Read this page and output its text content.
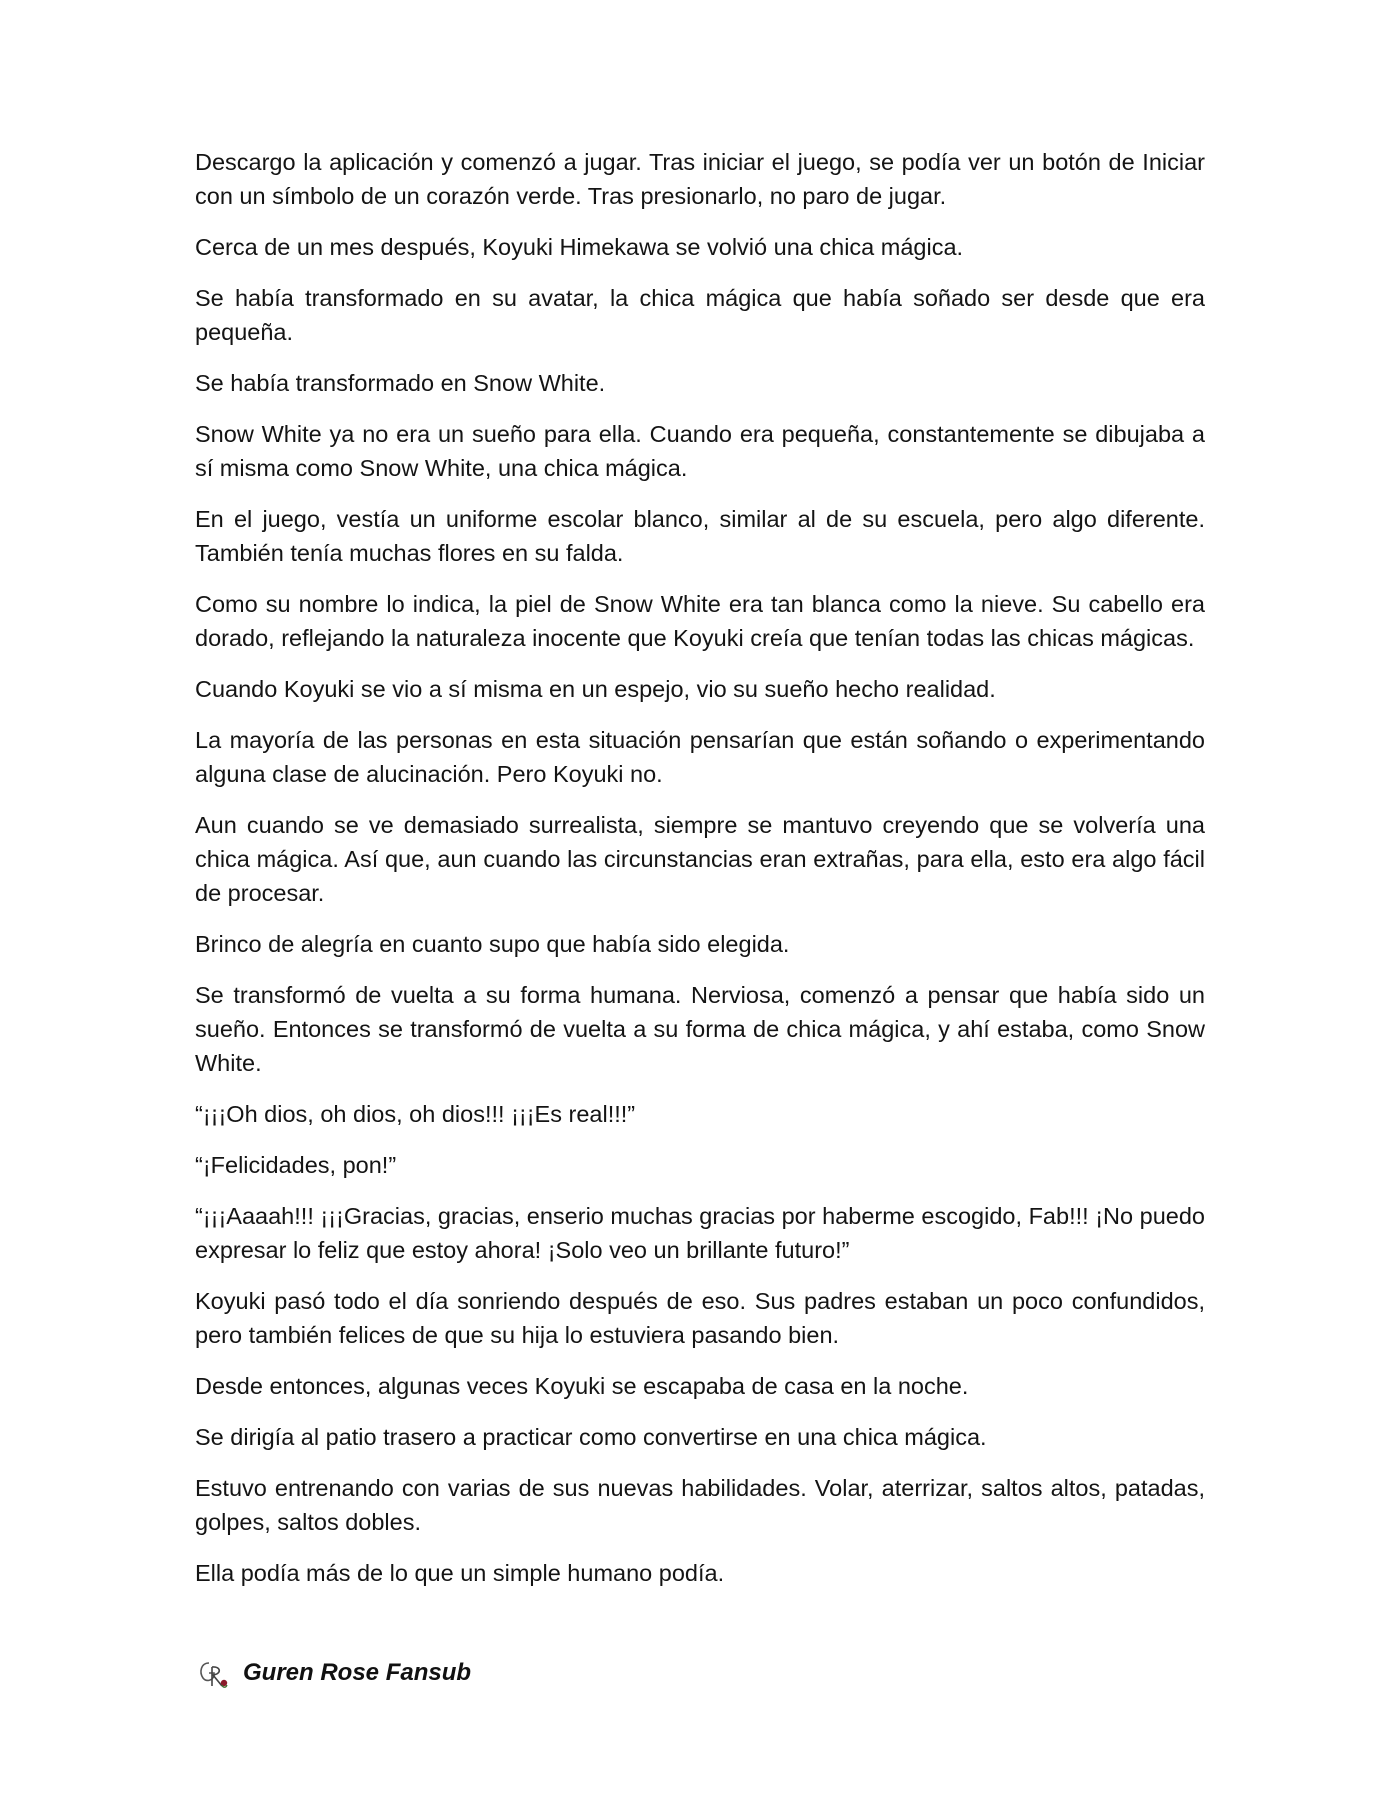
Descargo la aplicación y comenzó a jugar. Tras iniciar el juego, se podía ver un botón de Iniciar con un símbolo de un corazón verde. Tras presionarlo, no paro de jugar.

Cerca de un mes después, Koyuki Himekawa se volvió una chica mágica.

Se había transformado en su avatar, la chica mágica que había soñado ser desde que era pequeña.

Se había transformado en Snow White.

Snow White ya no era un sueño para ella. Cuando era pequeña, constantemente se dibujaba a sí misma como Snow White, una chica mágica.

En el juego, vestía un uniforme escolar blanco, similar al de su escuela, pero algo diferente. También tenía muchas flores en su falda.

Como su nombre lo indica, la piel de Snow White era tan blanca como la nieve. Su cabello era dorado, reflejando la naturaleza inocente que Koyuki creía que tenían todas las chicas mágicas.

Cuando Koyuki se vio a sí misma en un espejo, vio su sueño hecho realidad.

La mayoría de las personas en esta situación pensarían que están soñando o experimentando alguna clase de alucinación. Pero Koyuki no.

Aun cuando se ve demasiado surrealista, siempre se mantuvo creyendo que se volvería una chica mágica. Así que, aun cuando las circunstancias eran extrañas, para ella, esto era algo fácil de procesar.

Brinco de alegría en cuanto supo que había sido elegida.

Se transformó de vuelta a su forma humana. Nerviosa, comenzó a pensar que había sido un sueño. Entonces se transformó de vuelta a su forma de chica mágica, y ahí estaba, como Snow White.

“¡¡¡Oh dios, oh dios, oh dios!!! ¡¡¡Es real!!!”

“¡Felicidades, pon!”

“¡¡¡Aaaah!!! ¡¡¡Gracias, gracias, enserio muchas gracias por haberme escogido, Fab!!! ¡No puedo expresar lo feliz que estoy ahora! ¡Solo veo un brillante futuro!”

Koyuki pasó todo el día sonriendo después de eso. Sus padres estaban un poco confundidos, pero también felices de que su hija lo estuviera pasando bien.

Desde entonces, algunas veces Koyuki se escapaba de casa en la noche.

Se dirigía al patio trasero a practicar como convertirse en una chica mágica.

Estuvo entrenando con varias de sus nuevas habilidades. Volar, aterrizar, saltos altos, patadas, golpes, saltos dobles.

Ella podía más de lo que un simple humano podía.

Guren Rose Fansub
